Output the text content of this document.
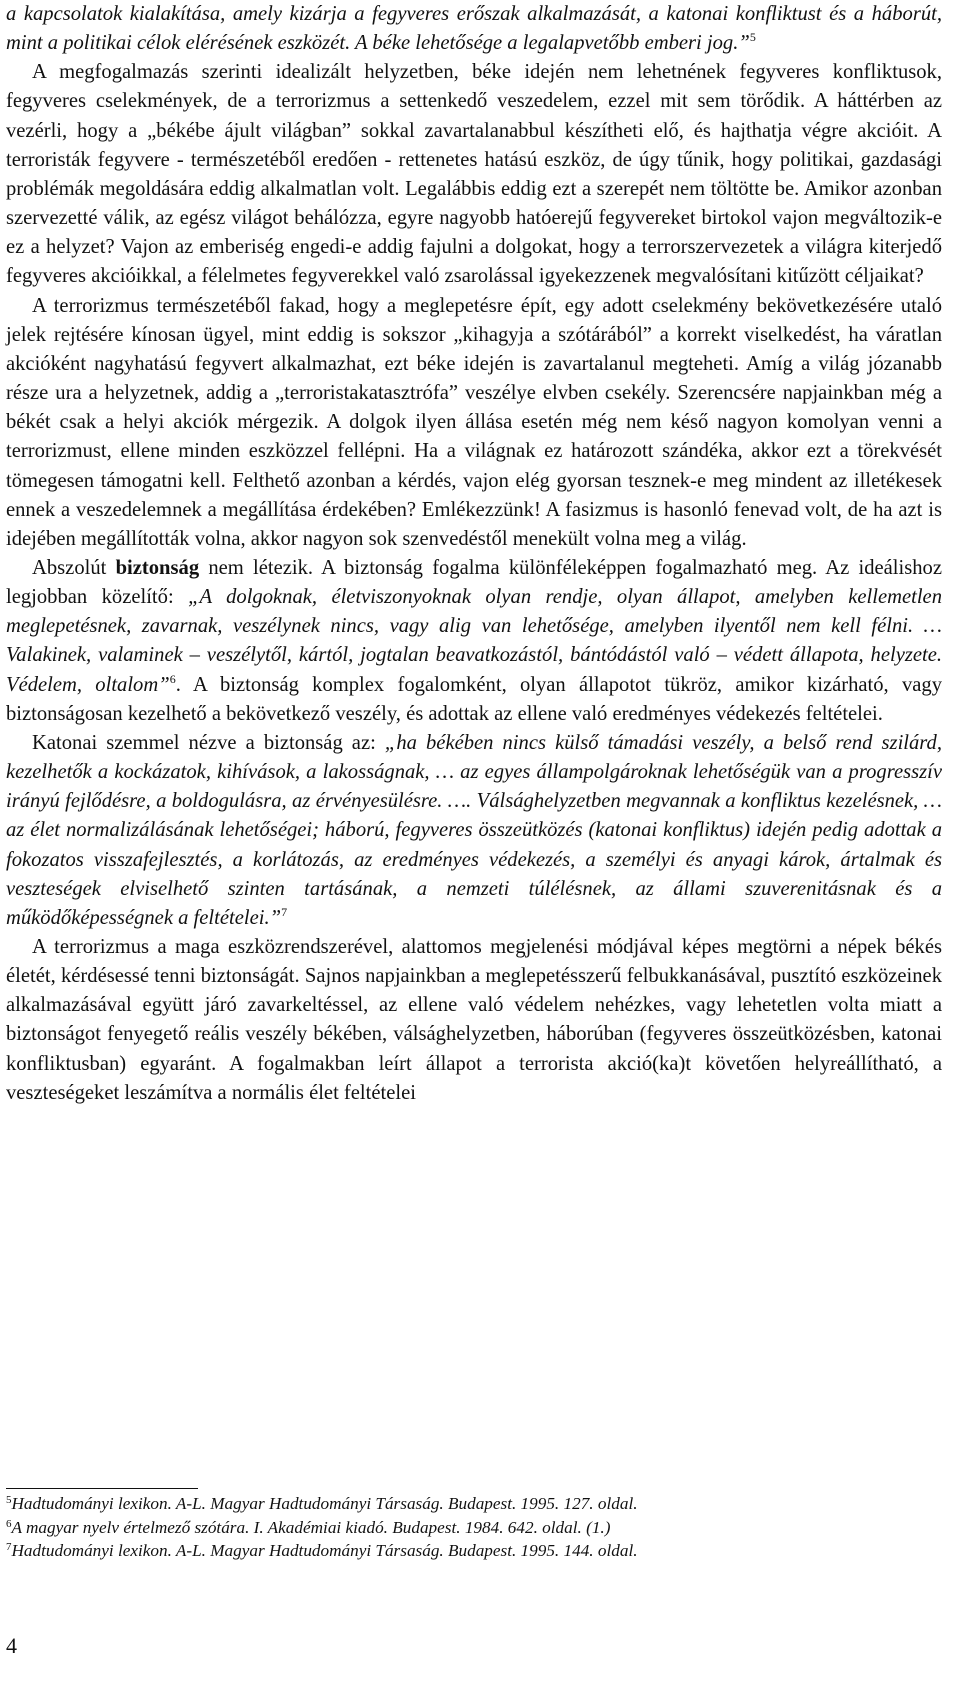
a kapcsolatok kialakítása, amely kizárja a fegyveres erőszak alkalmazását, a katonai konfliktust és a háborút, mint a politikai célok elérésének eszközét. A béke lehetősége a legalapvetőbb emberi jog.”$^5$

A megfogalmazás szerinti idealizált helyzetben, béke idején nem lehetnének fegyveres konfliktusok, fegyveres cselekmények, de a terrorizmus a settenkedő veszedelem, ezzel mit sem törődik. A háttérben az vezérli, hogy a „békébe ájult világban” sokkal zavartalanabbul készítheti elő, és hajthatja végre akcióit. A terroristák fegyvere - természetéből eredően - rettenetes hatású eszköz, de úgy tűnik, hogy politikai, gazdasági problémák megoldására eddig alkalmatlan volt. Legalábbis eddig ezt a szerepét nem töltötte be. Amikor azonban szervezetté válik, az egész világot behálózza, egyre nagyobb hatóerejű fegyvereket birtokol vajon megváltozik-e ez a helyzet? Vajon az emberiség engedi-e addig fajulni a dolgokat, hogy a terrorszervezetek a világra kiterjedő fegyveres akcióikkal, a félelmetes fegyverekkel való zsarolással igyekezzenek megvalósítani kitűzött céljaikat?

A terrorizmus természetéből fakad, hogy a meglepetésre épít, egy adott cselekmény bekövetkezésére utaló jelek rejtésére kínosan ügyel, mint eddig is sokszor „kihagyja a szótárából” a korrekt viselkedést, ha váratlan akcióként nagyhatású fegyvert alkalmazhat, ezt béke idején is zavartalanul megteheti. Amíg a világ józanabb része ura a helyzetnek, addig a „terroristakatasztrófa” veszélye elvben csekély. Szerencsére napjainkban még a békét csak a helyi akciók mérgezik. A dolgok ilyen állása esetén még nem késő nagyon komolyan venni a terrorizmust, ellene minden eszközzel fellépni. Ha a világnak ez határozott szándéka, akkor ezt a törekvését tömegesen támogatni kell. Felthető azonban a kérdés, vajon elég gyorsan tesznek-e meg mindent az illetékesek ennek a veszedelemnek a megállítása érdekében? Emlékezzünk! A fasizmus is hasonló fenevad volt, de ha azt is idejében megállították volna, akkor nagyon sok szenvedéstől menekült volna meg a világ.

Abszolút biztonság nem létezik. A biztonság fogalma különféleképpen fogalmazható meg. Az ideálishoz legjobban közelítő: „A dolgoknak, életviszonyoknak olyan rendje, olyan állapot, amelyben kellemetlen meglepetésnek, zavarnak, veszélynek nincs, vagy alig van lehetősége, amelyben ilyentől nem kell félni. … Valakinek, valaminek – veszélytől, kártól, jogtalan beavatkozástól, bántódástól való – védett állapota, helyzete. Védelem, oltalom”$^6$. A biztonság komplex fogalomként, olyan állapotot tükröz, amikor kizárható, vagy biztonságosan kezelhető a bekövetkező veszély, és adottak az ellene való eredményes védekezés feltételei.

Katonai szemmel nézve a biztonság az: „ha békében nincs külső támadási veszély, a belső rend szilárd, kezelhetők a kockázatok, kihívások, a lakosságnak, … az egyes állampolgároknak lehetőségük van a progresszív irányú fejlődésre, a boldogulásra, az érvényesülésre. …. Válsághelyzetben megvannak a konfliktus kezelésnek, … az élet normalizálásának lehetőségei; háború, fegyveres összeütközés (katonai konfliktus) idején pedig adottak a fokozatos visszafejlesztés, a korlátozás, az eredményes védekezés, a személyi és anyagi károk, ártalmak és veszteségek elviselhető szinten tartásának, a nemzeti túlélésnek, az állami szuverenitásnak és a működőképességnek a feltételei.”$^7$

A terrorizmus a maga eszközrendszerével, alattomos megjelenési módjával képes megtörni a népek békés életét, kérdésessé tenni biztonságát. Sajnos napjainkban a meglepetésszerű felbukkanásával, pusztító eszközeinek alkalmazásával együtt járó zavarkeltéssel, az ellene való védelem nehézkes, vagy lehetetlen volta miatt a biztonságot fenyegető reális veszély békében, válsághelyzetben, háborúban (fegyveres összeütközésben, katonai konfliktusban) egyaránt. A fogalmakban leírt állapot a terrorista akció(ka)t követően helyreállítható, a veszteségeket leszámítva a normális élet feltételei

$^5$Hadtudományi lexikon. A-L. Magyar Hadtudományi Társaság. Budapest. 1995. 127. oldal.

$^6$A magyar nyelv értelmező szótára. I. Akadémiai kiadó. Budapest. 1984. 642. oldal. (1.)

$^7$Hadtudományi lexikon. A-L. Magyar Hadtudományi Társaság. Budapest. 1995. 144. oldal.

4
